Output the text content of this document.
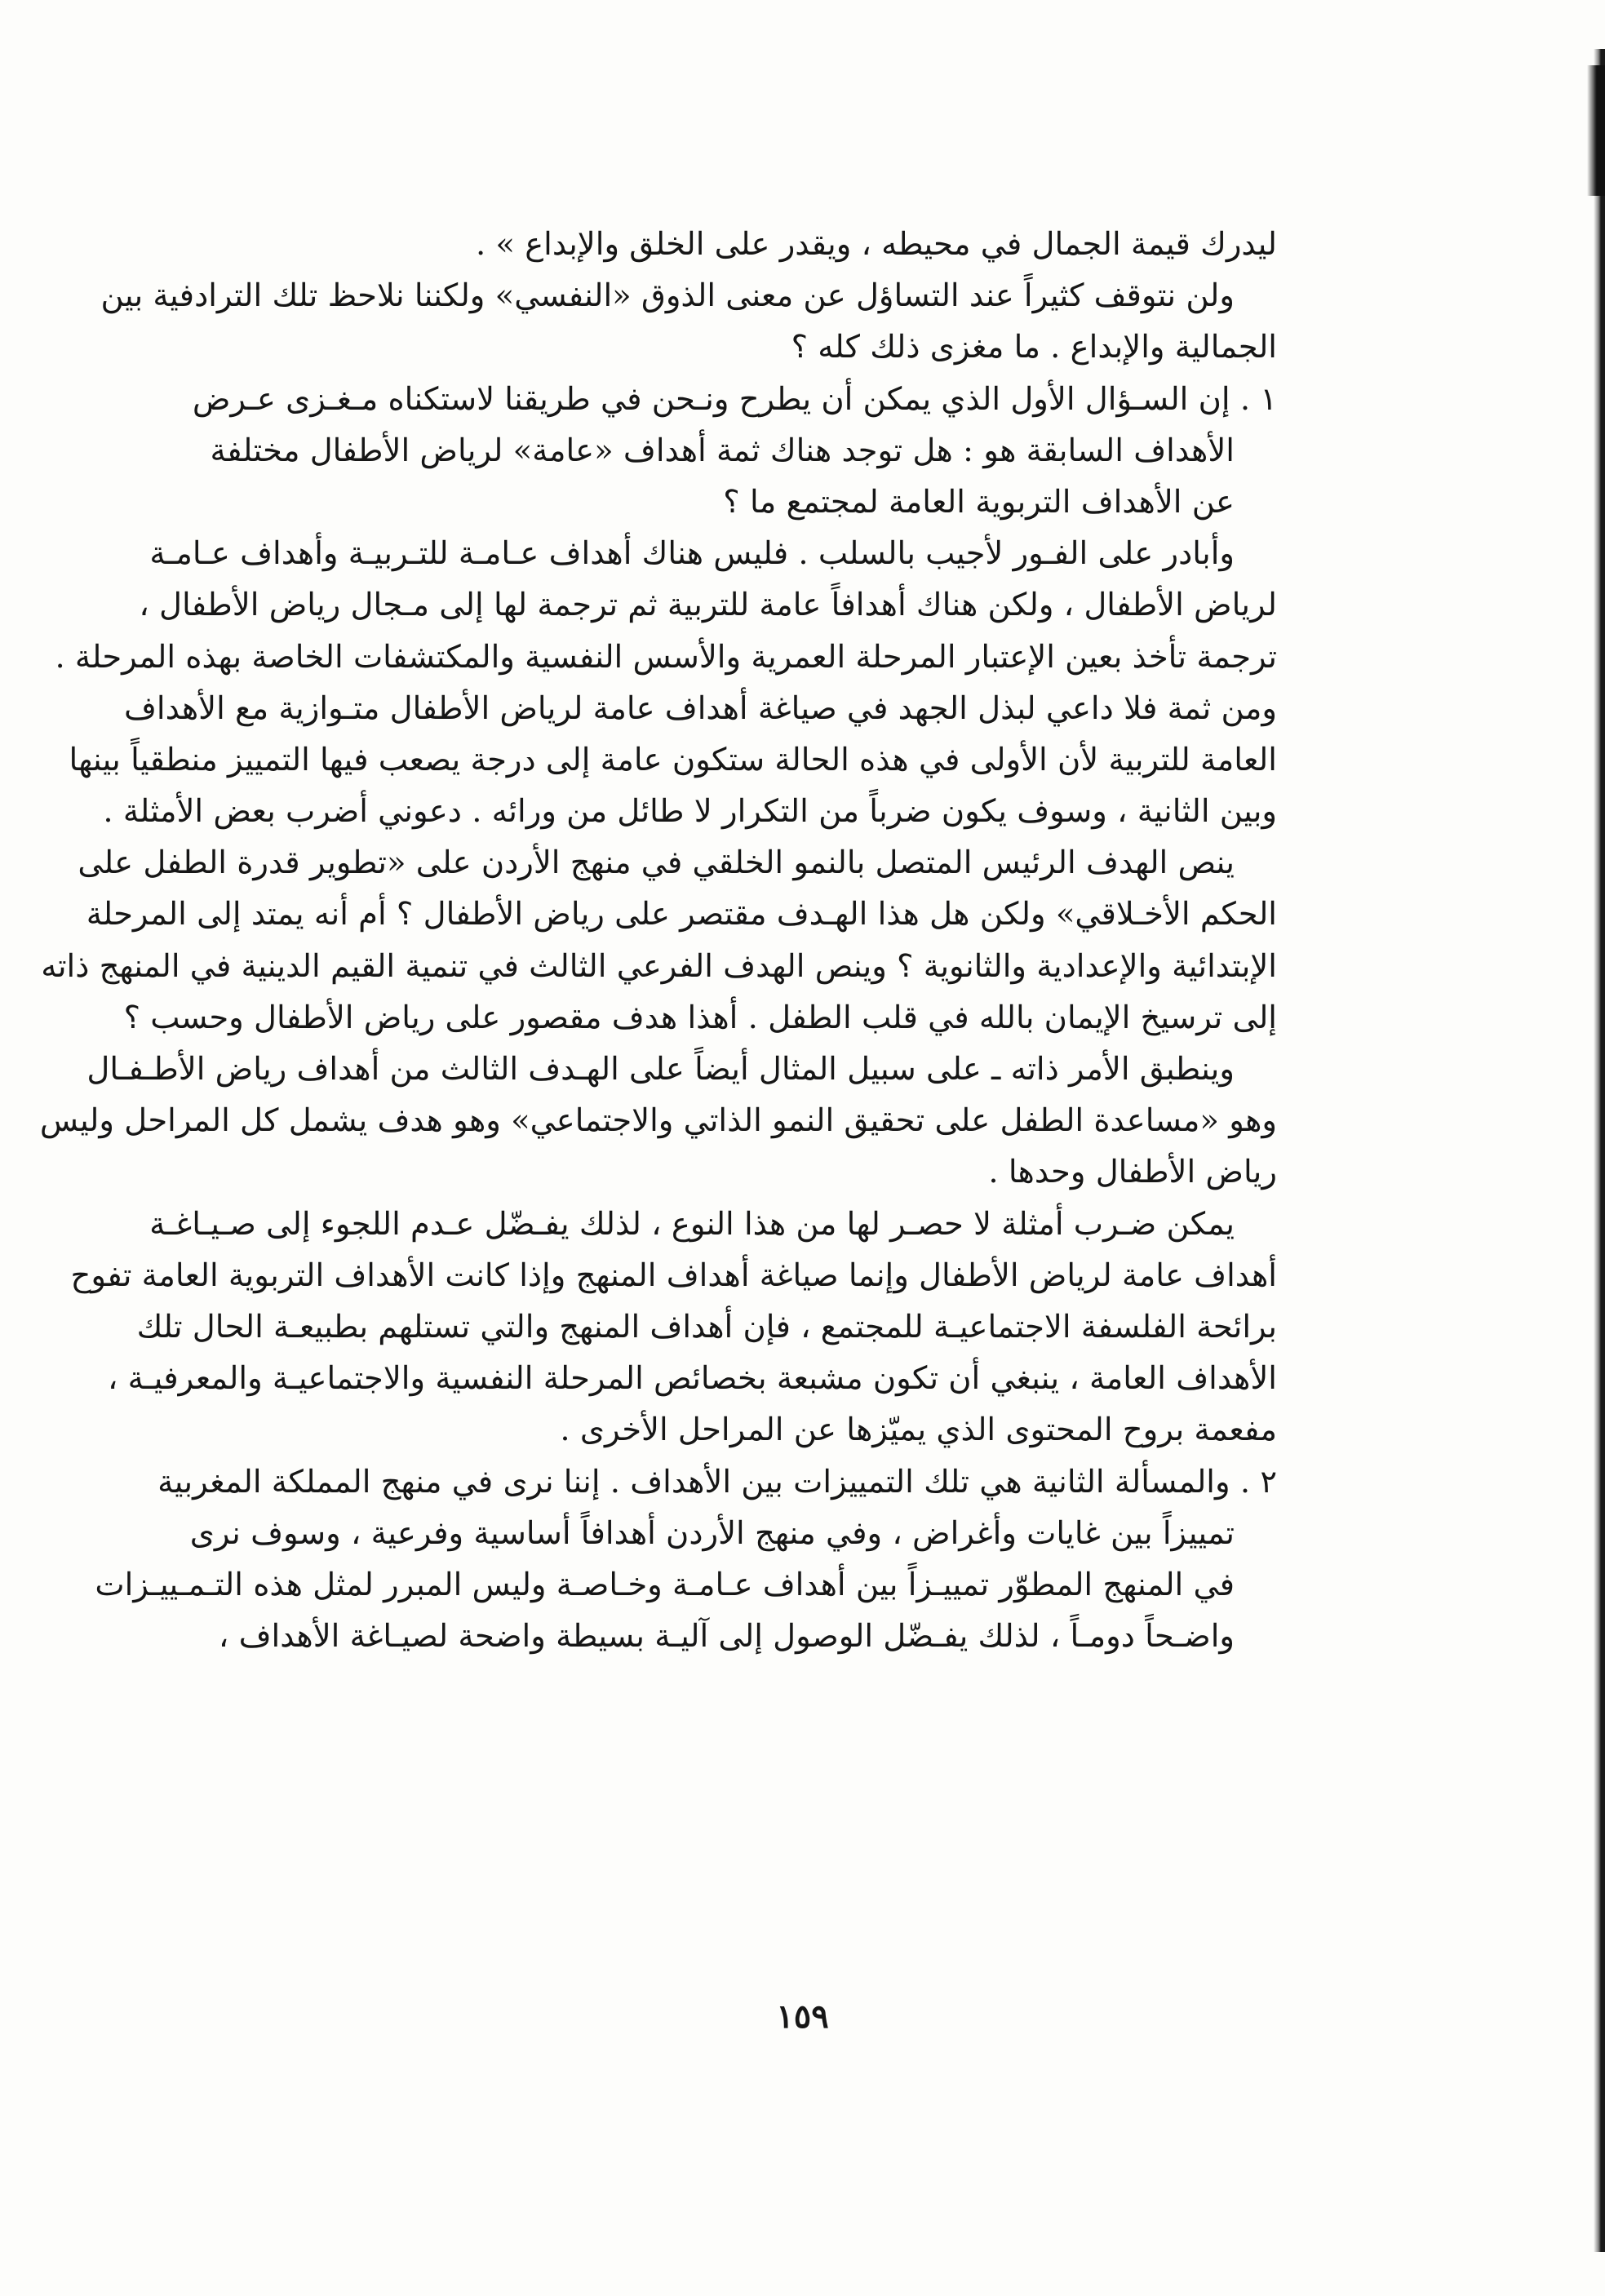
ليدرك قيمة الجمال في محيطه ، ويقدر على الخلق والإبداع » .
ولن نتوقف كثيراً عند التساؤل عن معنى الذوق «النفسي» ولكننا نلاحظ تلك الترادفية بين
الجمالية والإبداع . ما مغزى ذلك كله ؟
١ . إن السـؤال الأول الذي يمكن أن يطرح ونـحن في طريقنا لاستكناه مـغـزى عـرض
الأهداف السابقة هو : هل توجد هناك ثمة أهداف «عامة» لرياض الأطفال مختلفة
عن الأهداف التربوية العامة لمجتمع ما ؟
وأبادر على الفـور لأجيب بالسلب . فليس هناك أهداف عـامـة للتـربيـة وأهداف عـامـة
لرياض الأطفال ، ولكن هناك أهدافاً عامة للتربية ثم ترجمة لها إلى مـجال رياض الأطفال ،
ترجمة تأخذ بعين الإعتبار المرحلة العمرية والأسس النفسية والمكتشفات الخاصة بهذه المرحلة .
ومن ثمة فلا داعي لبذل الجهد في صياغة أهداف عامة لرياض الأطفال متـوازية مع الأهداف
العامة للتربية لأن الأولى في هذه الحالة ستكون عامة إلى درجة يصعب فيها التمييز منطقياً بينها
وبين الثانية ، وسوف يكون ضرباً من التكرار لا طائل من ورائه . دعوني أضرب بعض الأمثلة .
ينص الهدف الرئيس المتصل بالنمو الخلقي في منهج الأردن على «تطوير قدرة الطفل على
الحكم الأخـلاقي» ولكن هل هذا الهـدف مقتصر على رياض الأطفال ؟ أم أنه يمتد إلى المرحلة
الإبتدائية والإعدادية والثانوية ؟ وينص الهدف الفرعي الثالث في تنمية القيم الدينية في المنهج ذاته
إلى ترسيخ الإيمان بالله في قلب الطفل . أهذا هدف مقصور على رياض الأطفال وحسب ؟
وينطبق الأمر ذاته ـ على سبيل المثال أيضاً على الهـدف الثالث من أهداف رياض الأطـفـال
وهو «مساعدة الطفل على تحقيق النمو الذاتي والاجتماعي» وهو هدف يشمل كل المراحل وليس
رياض الأطفال وحدها .
يمكن ضـرب أمثلة لا حصـر لها من هذا النوع ، لذلك يفـضّل عـدم اللجوء إلى صـيـاغـة
أهداف عامة لرياض الأطفال وإنما صياغة أهداف المنهج وإذا كانت الأهداف التربوية العامة تفوح
برائحة الفلسفة الاجتماعيـة للمجتمع ، فإن أهداف المنهج والتي تستلهم بطبيعـة الحال تلك
الأهداف العامة ، ينبغي أن تكون مشبعة بخصائص المرحلة النفسية والاجتماعيـة والمعرفيـة ،
مفعمة بروح المحتوى الذي يميّزها عن المراحل الأخرى .
٢ . والمسألة الثانية هي تلك التمييزات بين الأهداف . إننا نرى في منهج المملكة المغربية
تمييزاً بين غايات وأغراض ، وفي منهج الأردن أهدافاً أساسية وفرعية ، وسوف نرى
في المنهج المطوّر تمييـزاً بين أهداف عـامـة وخـاصـة وليس المبرر لمثل هذه التـمـييـزات
واضـحاً دومـاً ، لذلك يفـضّل الوصول إلى آليـة بسيطة واضحة لصيـاغة الأهداف ،
١٥٩
